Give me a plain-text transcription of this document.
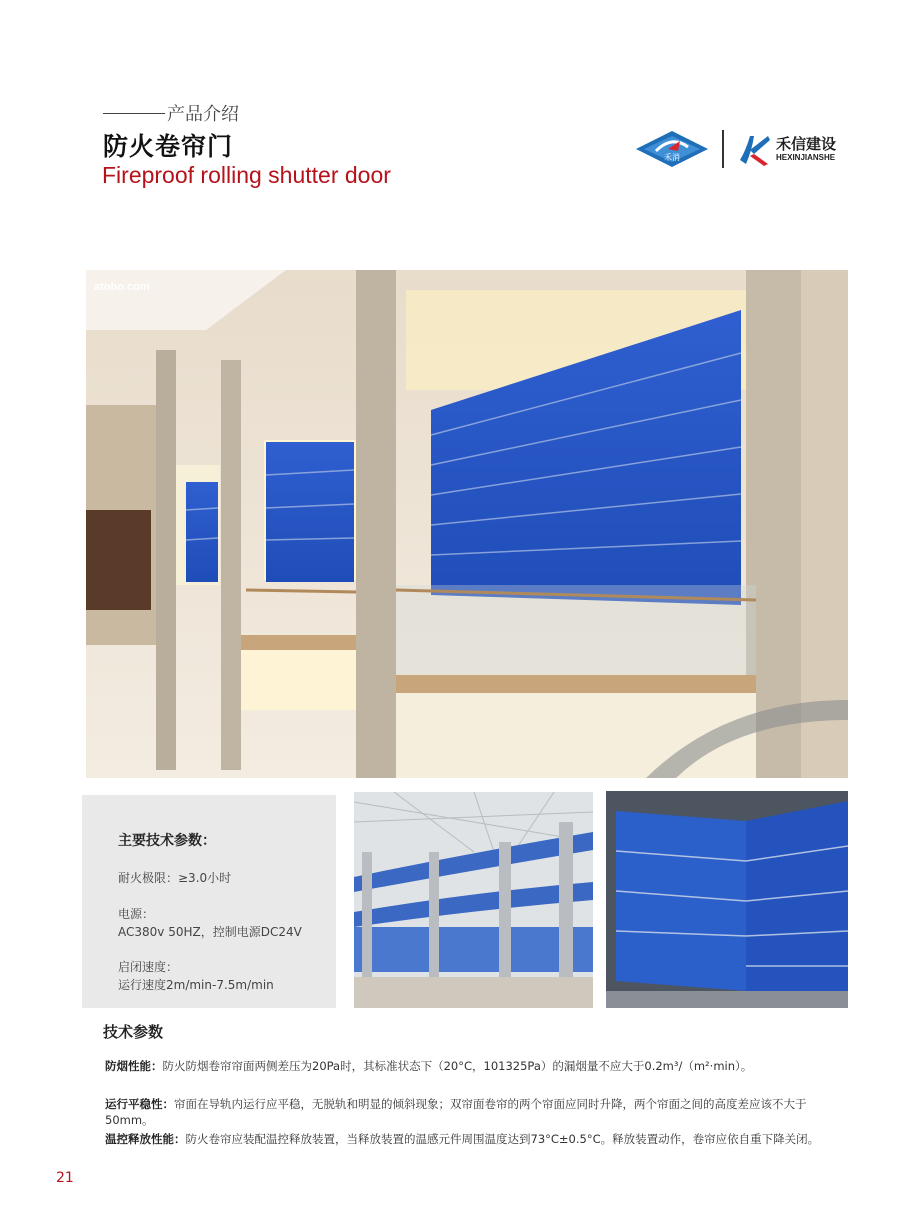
产品介绍
防火卷帘门
Fireproof rolling shutter door
禾消
禾信建设
HEXINJIANSHE
atobo.com
主要技术参数：
耐火极限：≥3.0小时
电源：
AC380v 50HZ，控制电源DC24V
启闭速度：
运行速度2m/min-7.5m/min
技术参数
防烟性能：防火防烟卷帘帘面两侧差压为20Pa时，其标准状态下（20°C，101325Pa）的漏烟量不应大于0.2m³/（m²·min）。
运行平稳性：帘面在导轨内运行应平稳，无脱轨和明显的倾斜现象；双帘面卷帘的两个帘面应同时升降，两个帘面之间的高度差应该不大于50mm。
温控释放性能：防火卷帘应装配温控释放装置，当释放装置的温感元件周围温度达到73°C±0.5°C。释放装置动作，卷帘应依自重下降关闭。
21
